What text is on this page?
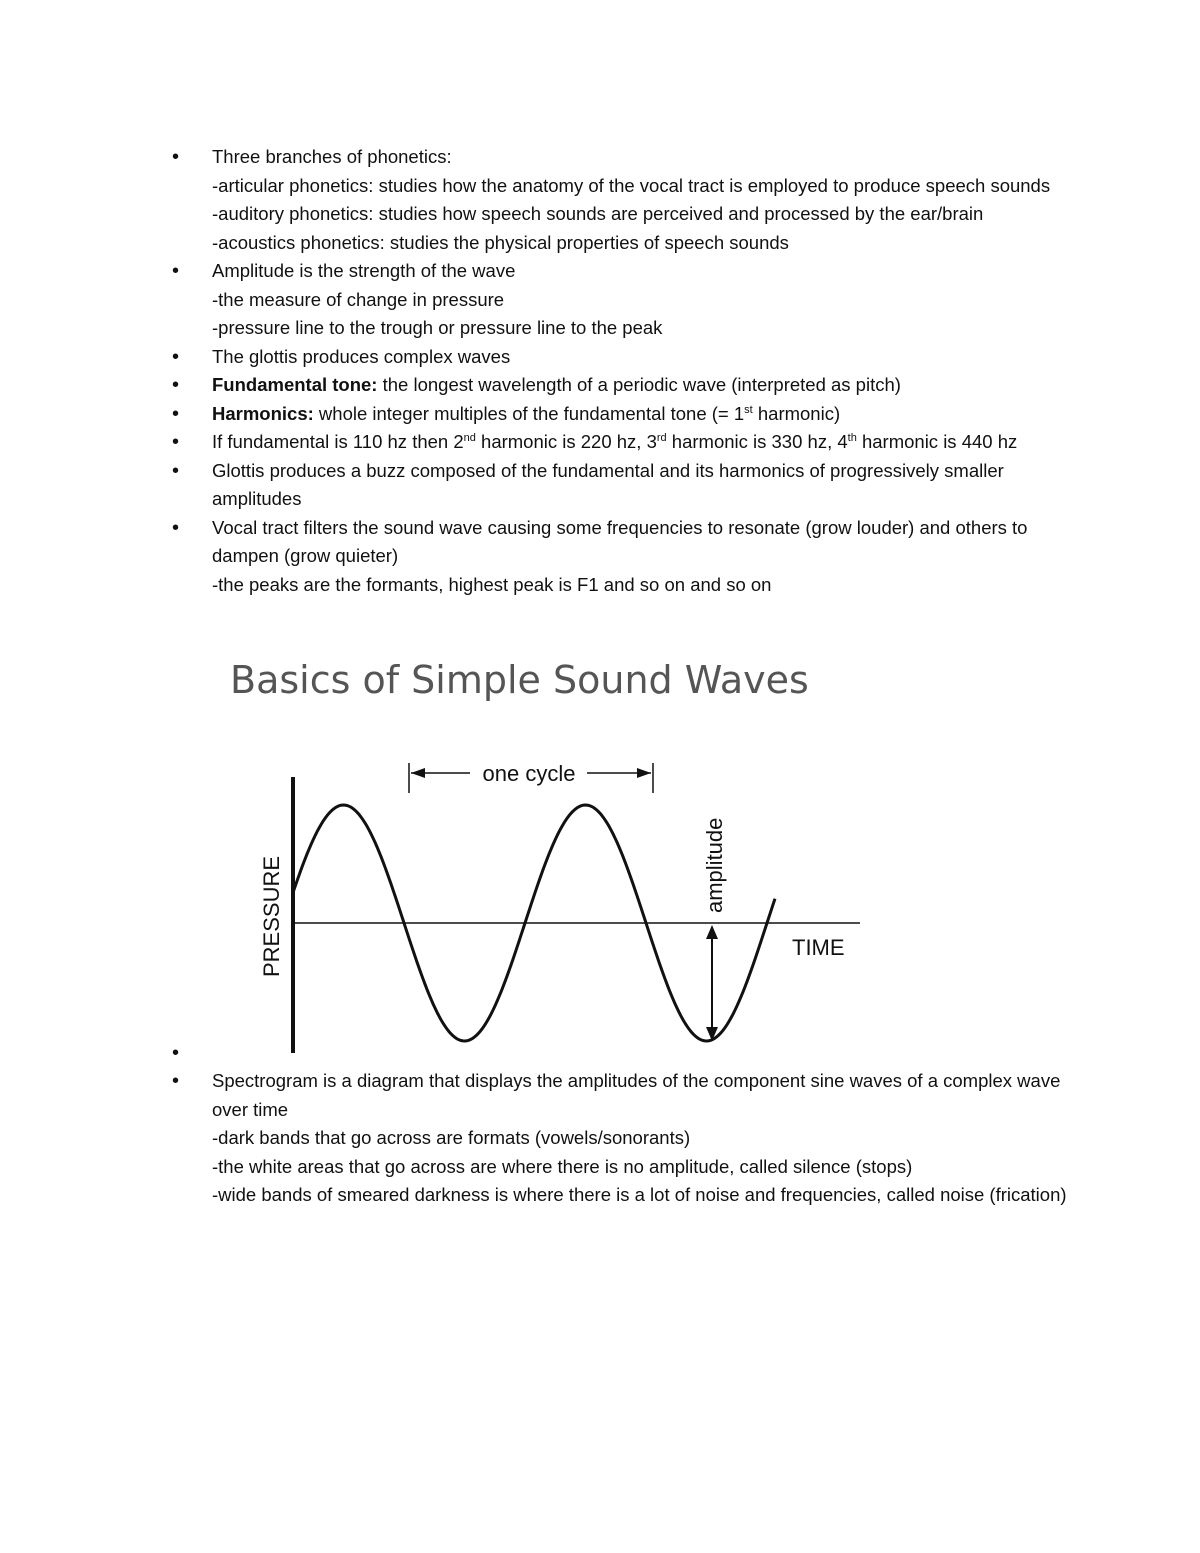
• Three branches of phonetics:
-articular phonetics: studies how the anatomy of the vocal tract is employed to produce speech sounds
-auditory phonetics: studies how speech sounds are perceived and processed by the ear/brain
-acoustics phonetics: studies the physical properties of speech sounds
• Amplitude is the strength of the wave
-the measure of change in pressure
-pressure line to the trough or pressure line to the peak
• The glottis produces complex waves
• Fundamental tone: the longest wavelength of a periodic wave (interpreted as pitch)
• Harmonics: whole integer multiples of the fundamental tone (= 1st harmonic)
• If fundamental is 110 hz then 2nd harmonic is 220 hz, 3rd harmonic is 330 hz, 4th harmonic is 440 hz
• Glottis produces a buzz composed of the fundamental and its harmonics of progressively smaller amplitudes
• Vocal tract filters the sound wave causing some frequencies to resonate (grow louder) and others to dampen (grow quieter)
-the peaks are the formants, highest peak is F1 and so on and so on
•
• Spectrogram is a diagram that displays the amplitudes of the component sine waves of a complex wave over time
-dark bands that go across are formats (vowels/sonorants)
-the white areas that go across are where there is no amplitude, called silence (stops)
-wide bands of smeared darkness is where there is a lot of noise and frequencies, called noise (frication)
Basics of Simple Sound Waves
one cycle
amplitude
PRESSURE	TIME
